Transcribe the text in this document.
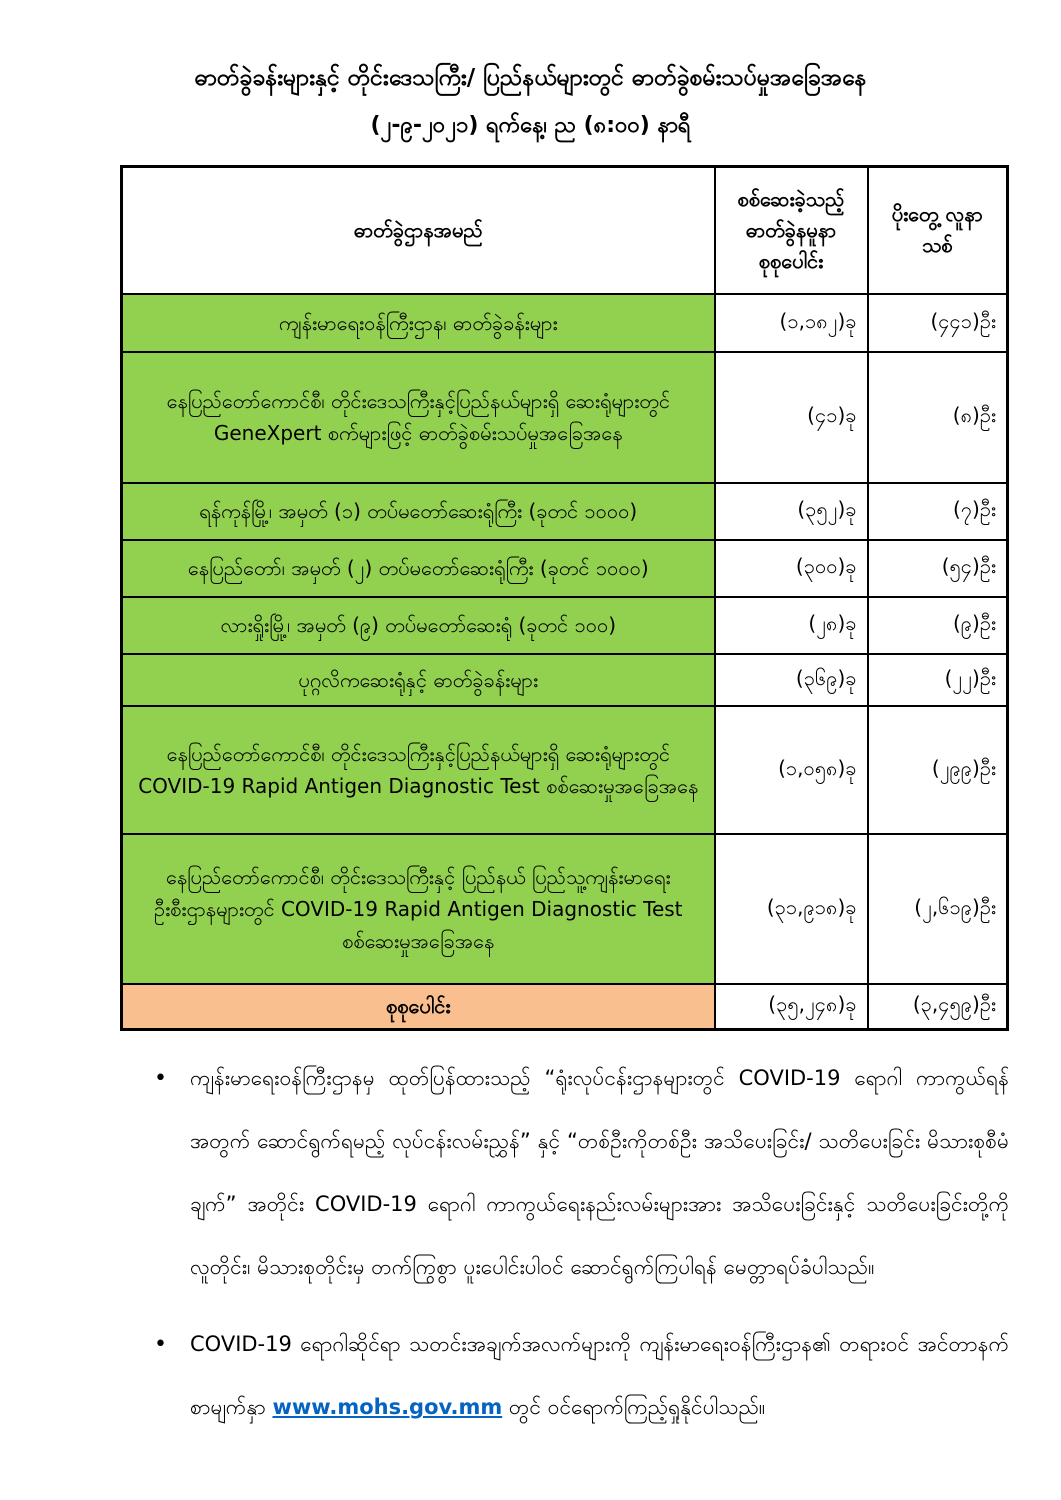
ဓာတ်ခွဲခန်းများနှင့် တိုင်းဒေသကြီး/ ပြည်နယ်များတွင် ဓာတ်ခွဲစမ်းသပ်မှုအခြေအနေ
(၂-၉-၂၀၂၁) ရက်နေ့၊ ည (၈:၀၀) နာရီ
ဓာတ်ခွဲဌာနအမည်	စစ်ဆေးခဲ့သည့် ဓာတ်ခွဲနမူနာ စုစုပေါင်း	ပိုးတွေ့ လူနာသစ်
ကျန်းမာရေးဝန်ကြီးဌာန၊ ဓာတ်ခွဲခန်းများ	(၁,၁၈၂)ခု	(၄၄၁)ဦး
နေပြည်တော်ကောင်စီ၊ တိုင်းဒေသကြီးနှင့်ပြည်နယ်များရှိ ဆေးရုံများတွင် GeneXpert စက်များဖြင့် ဓာတ်ခွဲစမ်းသပ်မှုအခြေအနေ	(၄၁)ခု	(၈)ဦး
ရန်ကုန်မြို့၊ အမှတ် (၁) တပ်မတော်ဆေးရုံကြီး (ခုတင် ၁၀၀၀)	(၃၅၂)ခု	(၇)ဦး
နေပြည်တော်၊ အမှတ် (၂) တပ်မတော်ဆေးရုံကြီး (ခုတင် ၁၀၀၀)	(၃၀၀)ခု	(၅၄)ဦး
လားရှိုးမြို့၊ အမှတ် (၉) တပ်မတော်ဆေးရုံ (ခုတင် ၁၀၀)	(၂၈)ခု	(၉)ဦး
ပုဂ္ဂလိကဆေးရုံနှင့် ဓာတ်ခွဲခန်းများ	(၃၆၉)ခု	(၂၂)ဦး
နေပြည်တော်ကောင်စီ၊ တိုင်းဒေသကြီးနှင့်ပြည်နယ်များရှိ ဆေးရုံများတွင် COVID-19 Rapid Antigen Diagnostic Test စစ်ဆေးမှုအခြေအနေ	(၁,၀၅၈)ခု	(၂၉၉)ဦး
နေပြည်တော်ကောင်စီ၊ တိုင်းဒေသကြီးနှင့် ပြည်နယ် ပြည်သူ့ကျန်းမာရေးဦးစီးဌာနများတွင် COVID-19 Rapid Antigen Diagnostic Test စစ်ဆေးမှုအခြေအနေ	(၃၁,၉၁၈)ခု	(၂,၆၁၉)ဦး
စုစုပေါင်း	(၃၅,၂၄၈)ခု	(၃,၄၅၉)ဦး
•	ကျန်းမာရေးဝန်ကြီးဌာနမှ ထုတ်ပြန်ထားသည့် “ရုံးလုပ်ငန်းဌာနများတွင် COVID-19 ရောဂါ ကာကွယ်ရန်အတွက် ဆောင်ရွက်ရမည့် လုပ်ငန်းလမ်းညွှန်” နှင့် “တစ်ဦးကိုတစ်ဦး အသိပေးခြင်း/ သတိပေးခြင်း မိသားစုစီမံချက်” အတိုင်း COVID-19 ရောဂါ ကာကွယ်ရေးနည်းလမ်းများအား အသိပေးခြင်းနှင့် သတိပေးခြင်းတို့ကို လူတိုင်း၊ မိသားစုတိုင်းမှ တက်ကြွစွာ ပူးပေါင်းပါဝင် ဆောင်ရွက်ကြပါရန် မေတ္တာရပ်ခံပါသည်။
•	COVID-19 ရောဂါဆိုင်ရာ သတင်းအချက်အလက်များကို ကျန်းမာရေးဝန်ကြီးဌာန၏ တရားဝင် အင်တာနက်စာမျက်နှာ www.mohs.gov.mm တွင် ဝင်ရောက်ကြည့်ရှုနိုင်ပါသည်။
